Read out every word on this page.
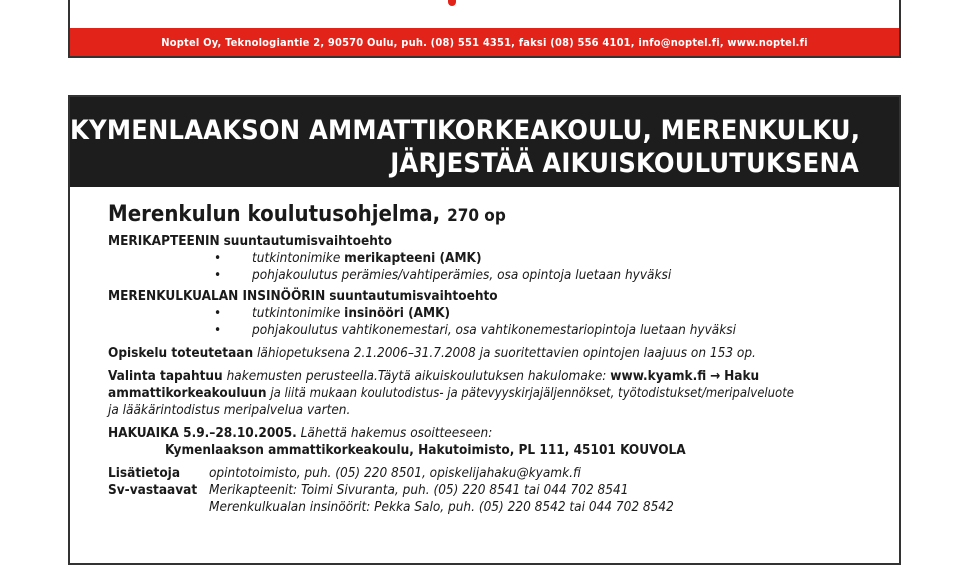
Noptel Oy, Teknologiantie 2, 90570 Oulu, puh. (08) 551 4351, faksi (08) 556 4101, info@noptel.fi, www.noptel.fi
KYMENLAAKSON AMMATTIKORKEAKOULU, MERENKULKU,
JÄRJESTÄÄ AIKUISKOULUTUKSENA
Merenkulun koulutusohjelma, 270 op
MERIKAPTEENIN suuntautumisvaihtoehto
• tutkintonimike merikapteeni (AMK)
• pohjakoulutus perämies/vahtiperämies, osa opintoja luetaan hyväksi
MERENKULKUALAN INSINÖÖRIN suuntautumisvaihtoehto
• tutkintonimike insinööri (AMK)
• pohjakoulutus vahtikonemestari, osa vahtikonemestariopintoja luetaan hyväksi
Opiskelu toteutetaan lähiopetuksena 2.1.2006–31.7.2008 ja suoritettavien opintojen laajuus on 153 op.
Valinta tapahtuu hakemusten perusteella.Täytä aikuiskoulutuksen hakulomake: www.kyamk.fi → Haku
ammattikorkeakouluun ja liitä mukaan koulutodistus- ja pätevyyskirjajäljennökset, työtodistukset/meripalveluote
ja lääkärintodistus meripalvelua varten.
HAKUAIKA 5.9.–28.10.2005. Lähettä hakemus osoitteeseen:
Kymenlaakson ammattikorkeakoulu, Hakutoimisto, PL 111, 45101 KOUVOLA
Lisätietoja	opintotoimisto, puh. (05) 220 8501, opiskelijahaku@kyamk.fi
Sv-vastaavat Merikapteenit: Toimi Sivuranta, puh. (05) 220 8541 tai 044 702 8541
Merenkulkualan insinöörit: Pekka Salo, puh. (05) 220 8542 tai 044 702 8542
